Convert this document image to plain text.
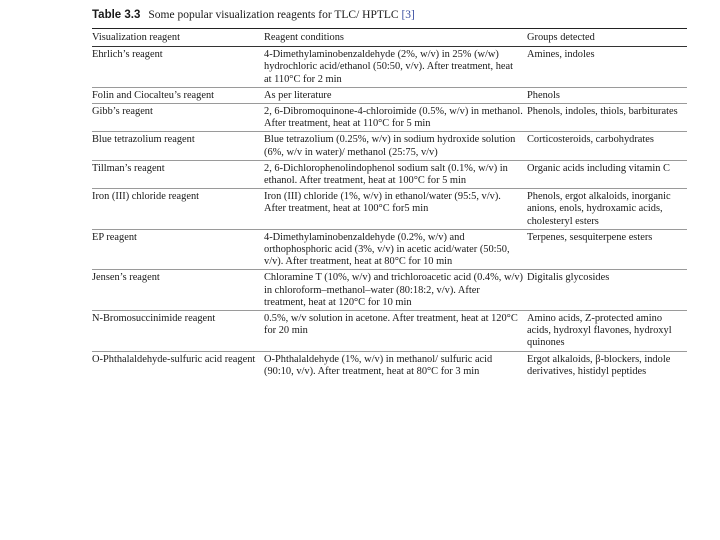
Table 3.3 Some popular visualization reagents for TLC/ HPTLC [3]
Visualization reagent	Reagent conditions	Groups detected
Ehrlich’s reagent	4-Dimethylaminobenzaldehyde (2%, w/v) in 25% (w/w) hydrochloric acid/ethanol (50:50, v/v). After treatment, heat at 110°C for 2 min	Amines, indoles
Folin and Ciocalteu’s reagent	As per literature	Phenols
Gibb’s reagent	2, 6-Dibromoquinone-4-chloroimide (0.5%, w/v) in methanol. After treatment, heat at 110°C for 5 min	Phenols, indoles, thiols, barbiturates
Blue tetrazolium reagent	Blue tetrazolium (0.25%, w/v) in sodium hydroxide solution (6%, w/v in water)/ methanol (25:75, v/v)	Corticosteroids, carbohydrates
Tillman’s reagent	2, 6-Dichlorophenolindophenol sodium salt (0.1%, w/v) in ethanol. After treatment, heat at 100°C for 5 min	Organic acids including vitamin C
Iron (III) chloride reagent	Iron (III) chloride (1%, w/v) in ethanol/water (95:5, v/v). After treatment, heat at 100°C for5 min	Phenols, ergot alkaloids, inorganic anions, enols, hydroxamic acids, cholesteryl esters
EP reagent	4-Dimethylaminobenzaldehyde (0.2%, w/v) and orthophosphoric acid (3%, v/v) in acetic acid/water (50:50, v/v). After treatment, heat at 80°C for 10 min	Terpenes, sesquiterpene esters
Jensen’s reagent	Chloramine T (10%, w/v) and trichloroacetic acid (0.4%, w/v) in chloroform–methanol–water (80:18:2, v/v). After treatment, heat at 120°C for 10 min	Digitalis glycosides
N-Bromosuccinimide reagent	0.5%, w/v solution in acetone. After treatment, heat at 120°C for 20 min	Amino acids, Z-protected amino acids, hydroxyl flavones, hydroxyl quinones
O-Phthalaldehyde-sulfuric acid reagent	O-Phthalaldehyde (1%, w/v) in methanol/ sulfuric acid (90:10, v/v). After treatment, heat at 80°C for 3 min	Ergot alkaloids, β-blockers, indole derivatives, histidyl peptides
